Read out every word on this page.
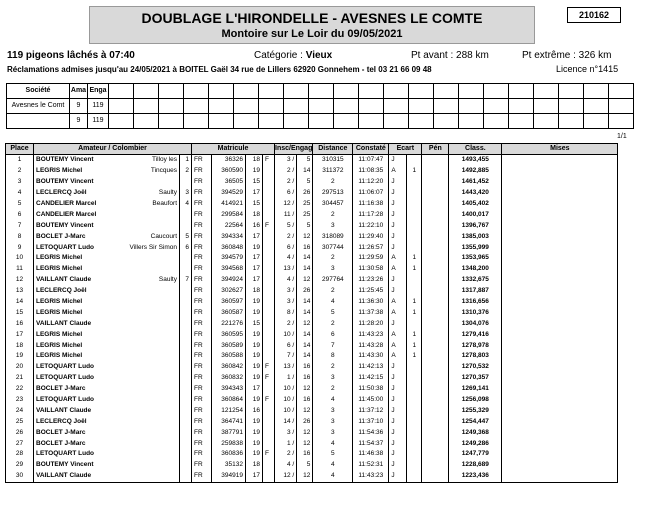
DOUBLAGE L'HIRONDELLE - AVESNES LE COMTE
Montoire sur Le Loir du 09/05/2021
210162
119 pigeons lâchés à 07:40	Catégorie : Vieux	Pt avant : 288 km	Pt extrême : 326 km
Réclamations admises jusqu'au 24/05/2021 à BOITEL Gaël 34 rue de Lillers 62920 Gonnehem - tel 03 21 66 09 48	Licence n°1415
Société	Ama	Enga																					
Avesnes le Comt	9	119																					
	9	119																					
1/1
Place	Amateur / Colombier		Matricule				Insc/Engag		Distance	Constaté	Ecart		Pén	Class.	Mises
1	BOUTEMY Vincent Tilloy les	1	FR	36326	18	F	3 /	5	310315	11:07:47	J			1493,455	
2	LEGRIS Michel Tincques	2	FR	360590	19		2 /	14	311372	11:08:35	A	1		1492,885	
3	BOUTEMY Vincent		FR	36505	15		2 /	5	2	11:12:20	J			1461,452	
4	LECLERCQ Joël Saulty	3	FR	394529	17		6 /	26	297513	11:06:07	J			1443,420	
5	CANDELIER Marcel Beaufort	4	FR	414921	15		12 /	25	304457	11:16:38	J			1405,402	
6	CANDELIER Marcel		FR	299584	18		11 /	25	2	11:17:28	J			1400,017	
7	BOUTEMY Vincent		FR	22564	16	F	5 /	5	3	11:22:10	J			1396,767	
8	BOCLET J-Marc Caucourt	5	FR	394334	17		2 /	12	318089	11:29:40	J			1385,003	
9	LETOQUART Ludo Villers Sir Simon	6	FR	360848	19		6 /	16	307744	11:26:57	J			1355,999	
10	LEGRIS Michel		FR	394579	17		4 /	14	2	11:29:59	A	1		1353,965	
11	LEGRIS Michel		FR	394568	17		13 /	14	3	11:30:58	A	1		1348,200	
12	VAILLANT Claude Saulty	7	FR	394924	17		4 /	12	297764	11:23:26	J			1332,675	
13	LECLERCQ Joël		FR	302627	18		3 /	26	2	11:25:45	J			1317,887	
14	LEGRIS Michel		FR	360597	19		3 /	14	4	11:36:30	A	1		1316,656	
15	LEGRIS Michel		FR	360587	19		8 /	14	5	11:37:38	A	1		1310,376	
16	VAILLANT Claude		FR	221276	15		2 /	12	2	11:28:20	J			1304,076	
17	LEGRIS Michel		FR	360595	19		10 /	14	6	11:43:23	A	1		1279,416	
18	LEGRIS Michel		FR	360589	19		6 /	14	7	11:43:28	A	1		1278,978	
19	LEGRIS Michel		FR	360588	19		7 /	14	8	11:43:30	A	1		1278,803	
20	LETOQUART Ludo		FR	360842	19	F	13 /	16	2	11:42:13	J			1270,532	
21	LETOQUART Ludo		FR	360832	19	F	1 /	16	3	11:42:15	J			1270,357	
22	BOCLET J-Marc		FR	394343	17		10 /	12	2	11:50:38	J			1269,141	
23	LETOQUART Ludo		FR	360864	19	F	10 /	16	4	11:45:00	J			1256,098	
24	VAILLANT Claude		FR	121254	16		10 /	12	3	11:37:12	J			1255,329	
25	LECLERCQ Joël		FR	364741	19		14 /	26	3	11:37:10	J			1254,447	
26	BOCLET J-Marc		FR	387791	19		3 /	12	3	11:54:36	J			1249,368	
27	BOCLET J-Marc		FR	259838	19		1 /	12	4	11:54:37	J			1249,286	
28	LETOQUART Ludo		FR	360836	19	F	2 /	16	5	11:46:38	J			1247,779	
29	BOUTEMY Vincent		FR	35132	18		4 /	5	4	11:52:31	J			1228,689	
30	VAILLANT Claude		FR	394919	17		12 /	12	4	11:43:23	J			1223,436	
